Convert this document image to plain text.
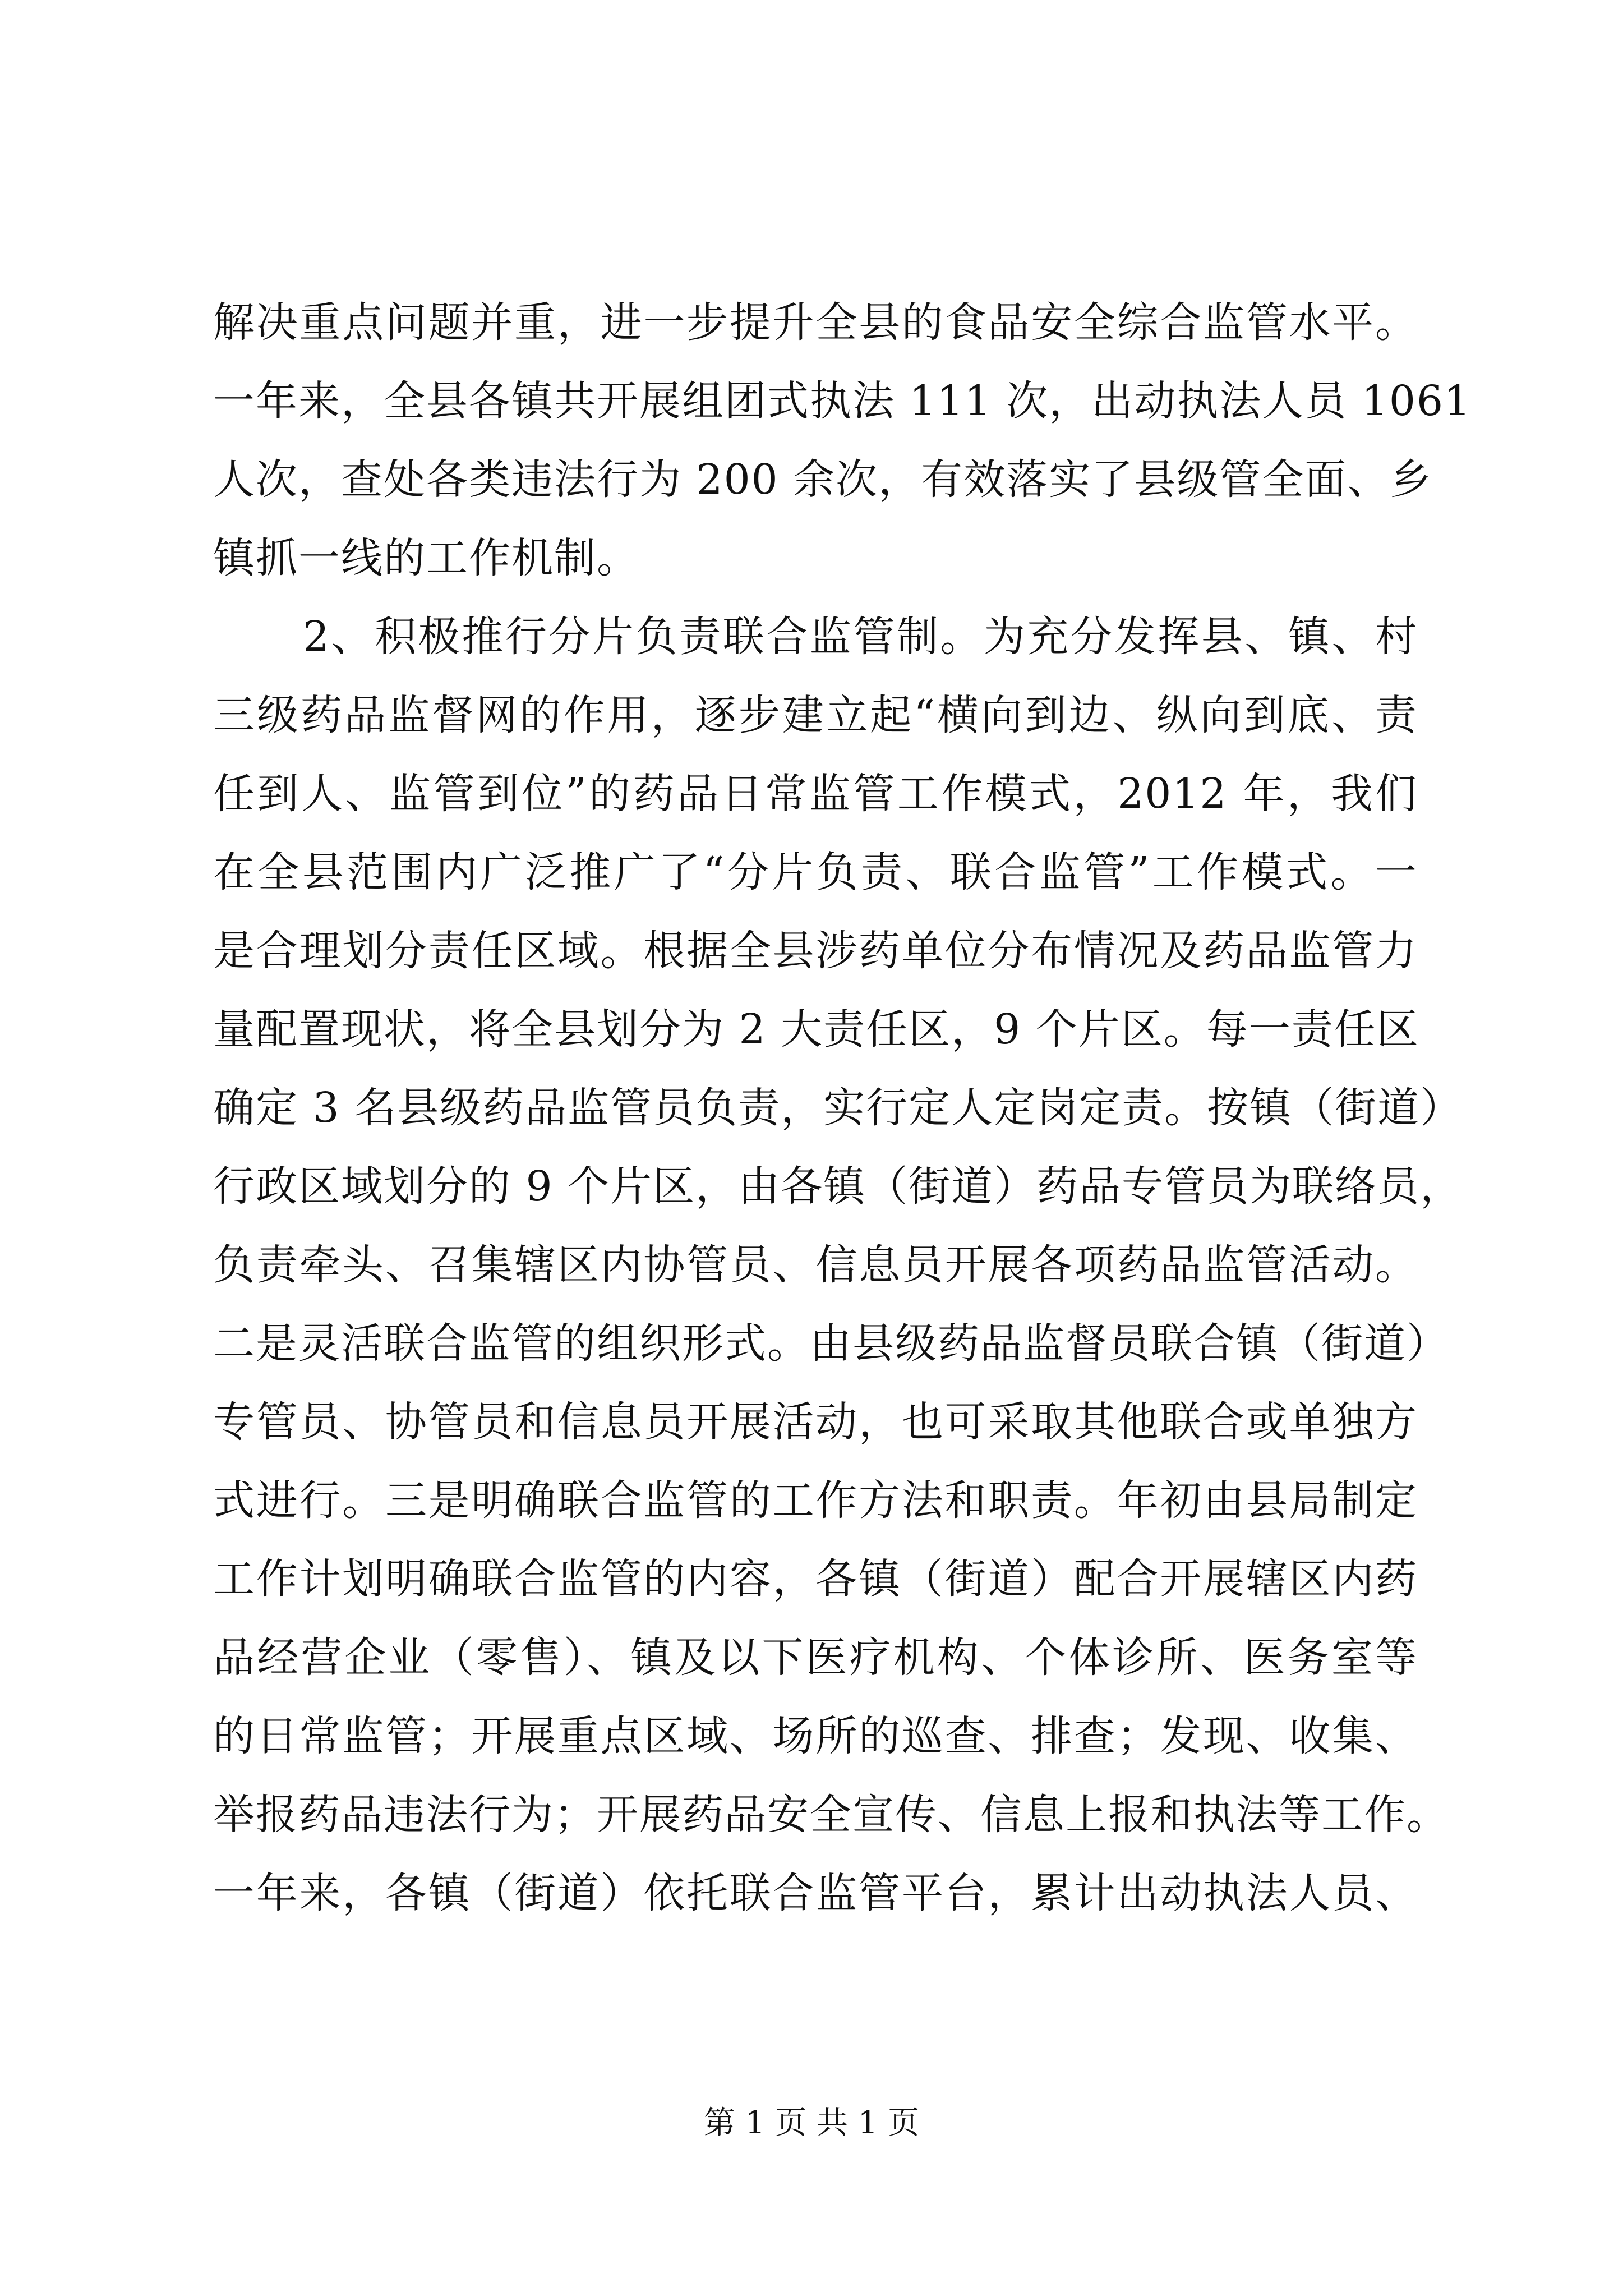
解决重点问题并重，进一步提升全县的食品安全综合监管水平。
一年来，全县各镇共开展组团式执法 111 次，出动执法人员 1061
人次，查处各类违法行为 200 余次，有效落实了县级管全面、乡
镇抓一线的工作机制。
2、积极推行分片负责联合监管制。为充分发挥县、镇、村
三级药品监督网的作用，逐步建立起“横向到边、纵向到底、责
任到人、监管到位”的药品日常监管工作模式，2012 年，我们
在全县范围内广泛推广了“分片负责、联合监管”工作模式。一
是合理划分责任区域。根据全县涉药单位分布情况及药品监管力
量配置现状，将全县划分为 2 大责任区，9 个片区。每一责任区
确定 3 名县级药品监管员负责，实行定人定岗定责。按镇（街道）
行政区域划分的 9 个片区，由各镇（街道）药品专管员为联络员，
负责牵头、召集辖区内协管员、信息员开展各项药品监管活动。
二是灵活联合监管的组织形式。由县级药品监督员联合镇（街道）
专管员、协管员和信息员开展活动，也可采取其他联合或单独方
式进行。三是明确联合监管的工作方法和职责。年初由县局制定
工作计划明确联合监管的内容，各镇（街道）配合开展辖区内药
品经营企业（零售）、镇及以下医疗机构、个体诊所、医务室等
的日常监管；开展重点区域、场所的巡查、排查；发现、收集、
举报药品违法行为；开展药品安全宣传、信息上报和执法等工作。
一年来，各镇（街道）依托联合监管平台，累计出动执法人员、
第 1 页 共 1 页
